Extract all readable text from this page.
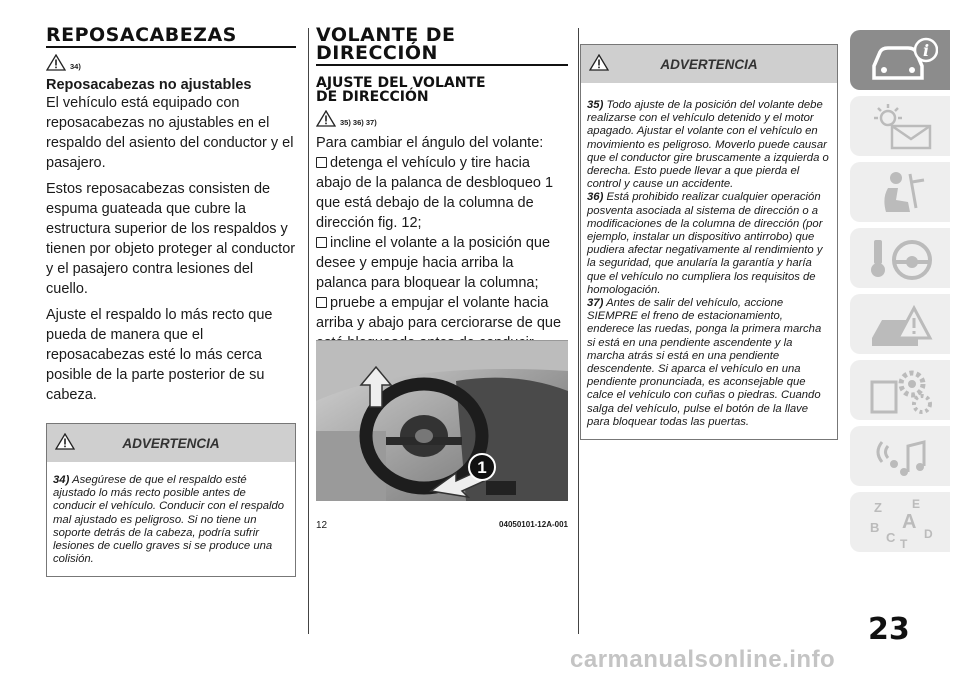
REPOSACABEZAS
34)
Reposacabezas no ajustables

El vehículo está equipado con reposacabezas no ajustables en el respaldo del asiento del conductor y el pasajero.

Estos reposacabezas consisten de espuma guateada que cubre la estructura superior de los respaldos y tienen por objeto proteger al conductor y el pasajero contra lesiones del cuello.

Ajuste el respaldo lo más recto que pueda de manera que el reposacabezas esté lo más cerca posible de la parte posterior de su cabeza.

ADVERTENCIA
34) Asegúrese de que el respaldo esté ajustado lo más recto posible antes de conducir el vehículo. Conducir con el respaldo mal ajustado es peligroso. Si no tiene un soporte detrás de la cabeza, podría sufrir lesiones de cuello graves si se produce una colisión.
VOLANTE DE
DIRECCIÓN
AJUSTE DEL VOLANTE
DE DIRECCIÓN
35) 36) 37)

Para cambiar el ángulo del volante:

detenga el vehículo y tire hacia abajo de la palanca de desbloqueo 1 que está debajo de la columna de dirección fig. 12;

incline el volante a la posición que desee y empuje hacia arriba la palanca para bloquear la columna;

pruebe a empujar el volante hacia arriba y abajo para cerciorarse de que

1
12	04050101-12A-001
ADVERTENCIA
35) Todo ajuste de la posición del volante debe realizarse con el vehículo detenido y el motor apagado. Ajustar el volante con el vehículo en movimiento es peligroso. Moverlo puede causar que el conductor gire bruscamente a izquierda o derecha. Esto puede llevar a que pierda el control y cause un accidente.
36) Está prohibido realizar cualquier operación posventa asociada al sistema de dirección o a modificaciones de la columna de dirección (por ejemplo, instalar un dispositivo antirrobo) que pudiera afectar negativamente al rendimiento y la seguridad, que anularía la garantía y haría que el vehículo no cumpliera los requisitos de homologación.
37) Antes de salir del vehículo, accione SIEMPRE el freno de estacionamiento, enderece las ruedas, ponga la primera marcha si está en una pendiente ascendente y la marcha atrás si está en una pendiente descendente. Si aparca el vehículo en una pendiente pronunciada, es aconsejable que calce el vehículo con cuñas o piedras. Cuando salga del vehículo, pulse el botón de la llave para bloquear todas las puertas.
i
Z	E
B A
C D
T
23
carmanualsonline.info
